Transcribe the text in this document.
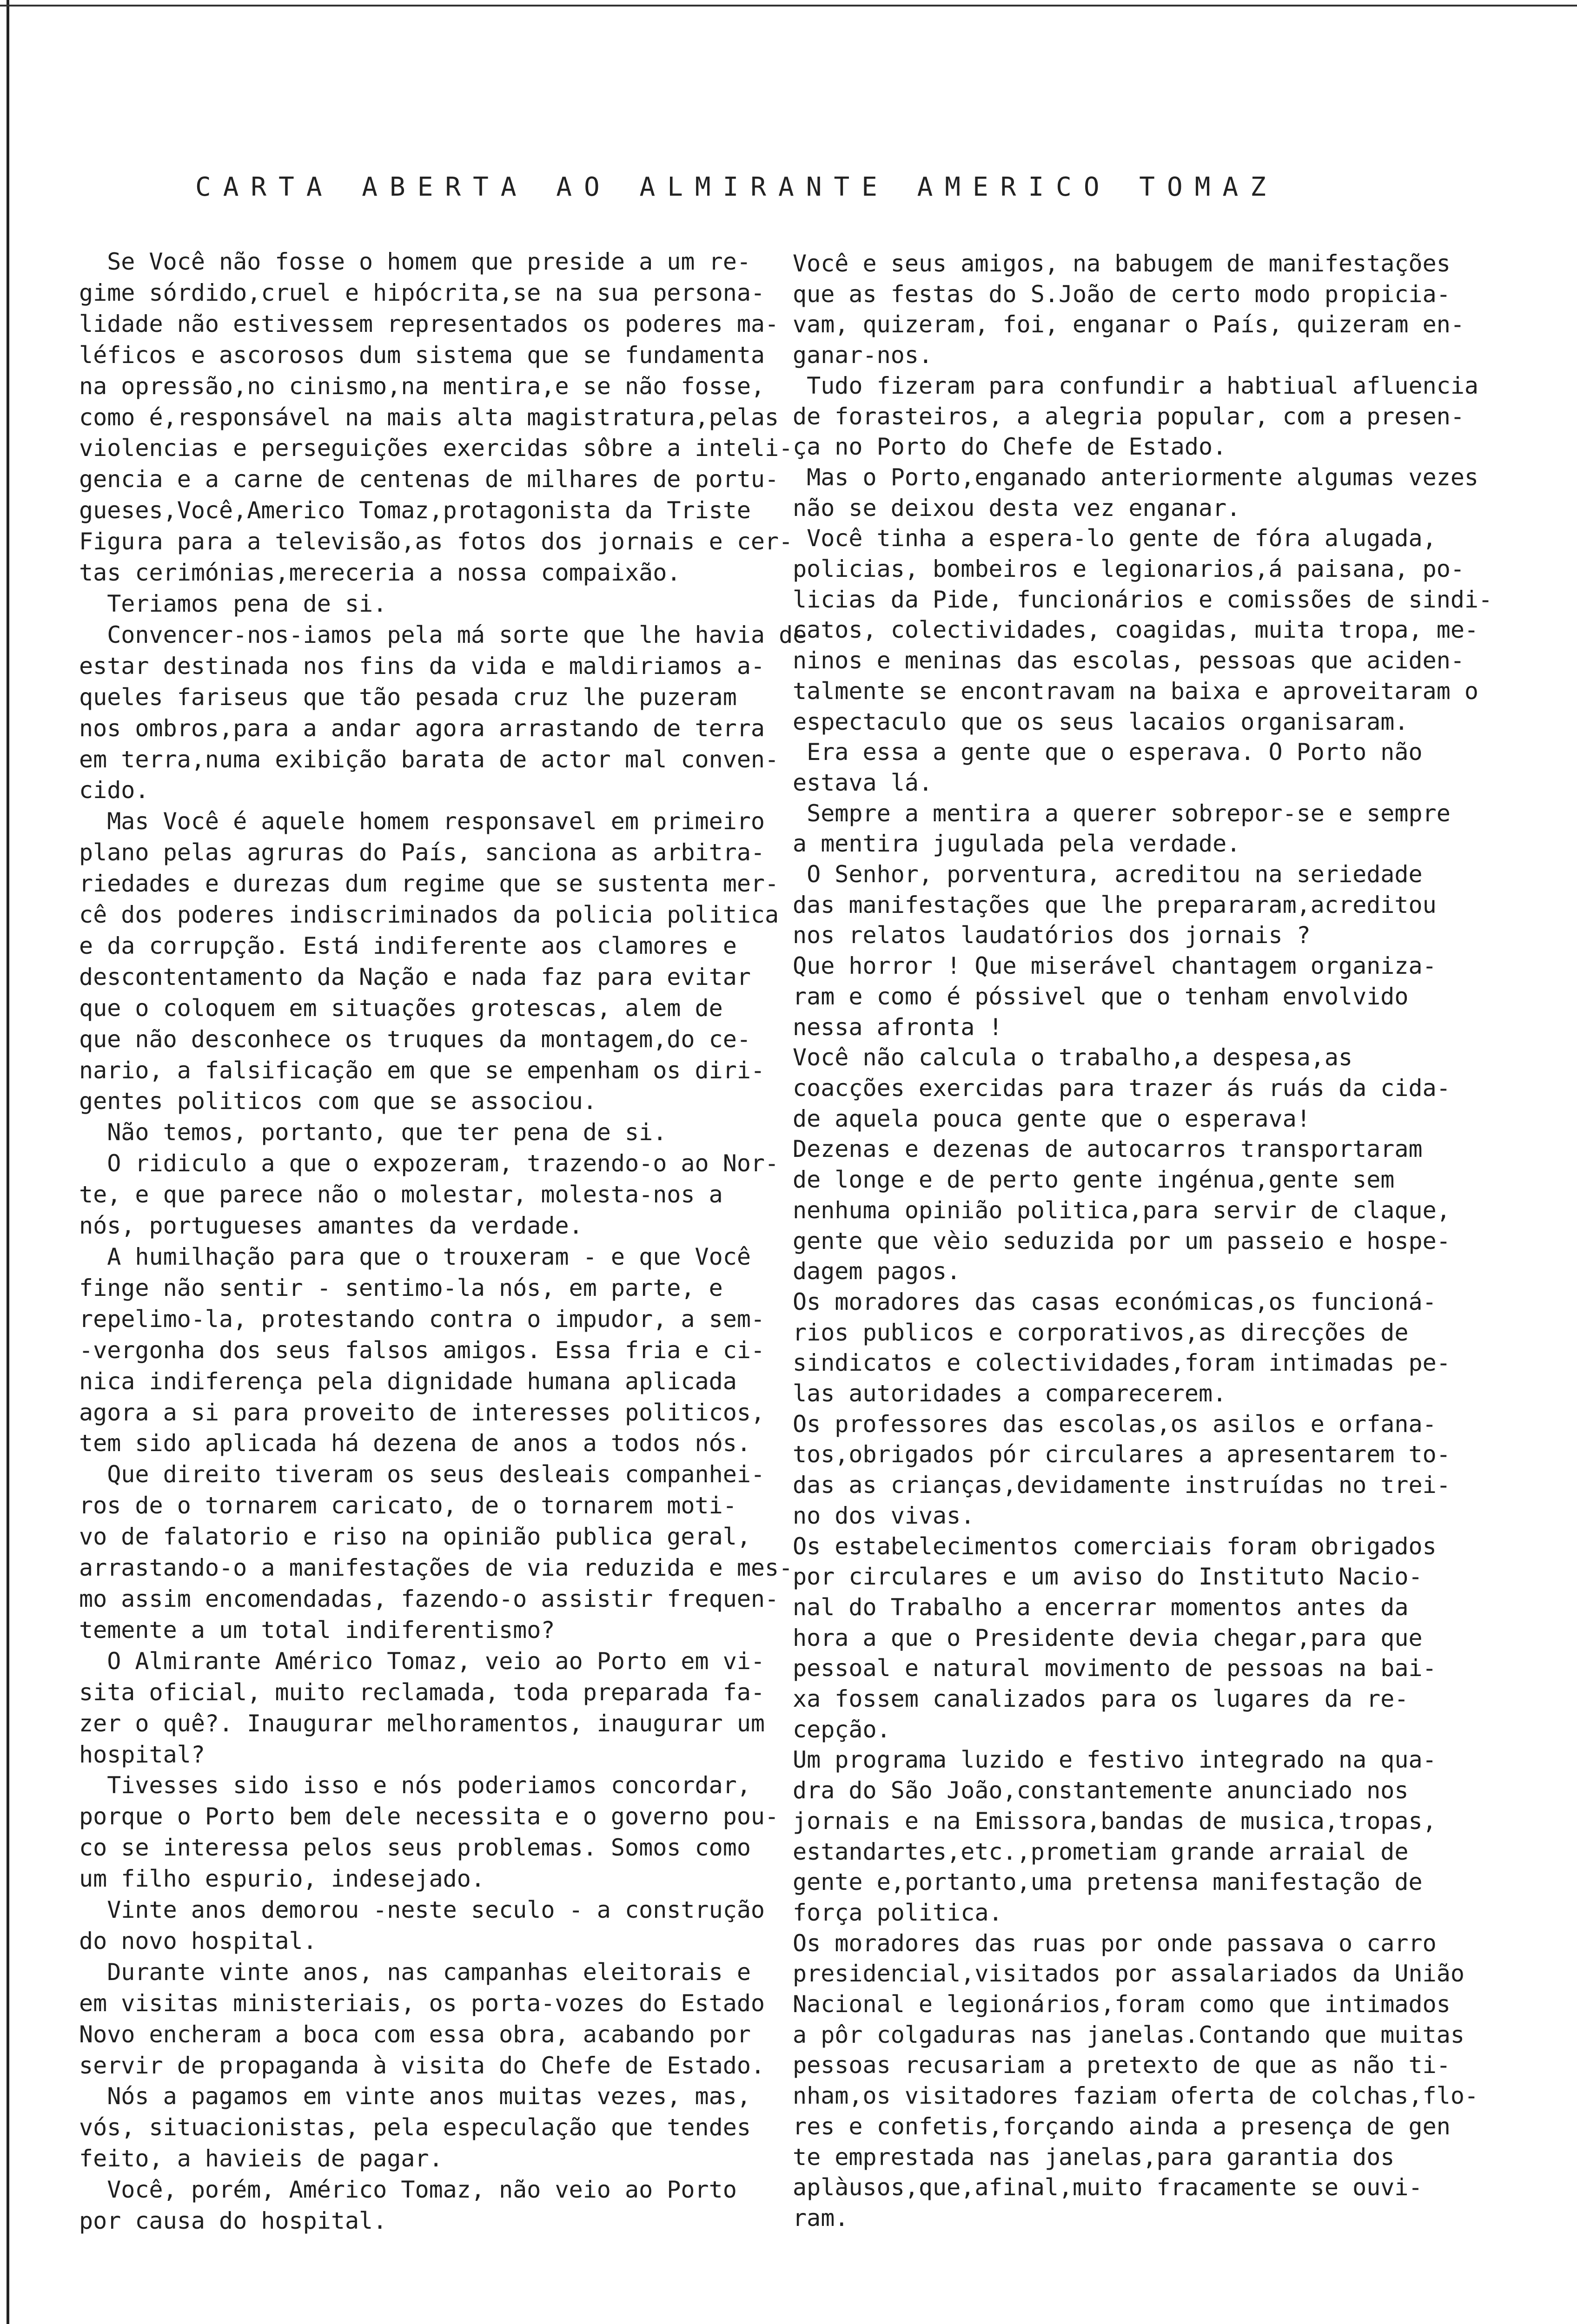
CARTA ABERTA AO ALMIRANTE AMERICO TOMAZ
Se Você não fosse o homem que preside a um re-
gime sórdido,cruel e hipócrita,se na sua persona-
lidade não estivessem representados os poderes ma-
léficos e ascorosos dum sistema que se fundamenta
na opressão,no cinismo,na mentira,e se não fosse,
como é,responsável na mais alta magistratura,pelas
violencias e perseguições exercidas sôbre a inteli-
gencia e a carne de centenas de milhares de portu-
gueses,Você,Americo Tomaz,protagonista da Triste
Figura para a televisão,as fotos dos jornais e cer-
tas cerimónias,mereceria a nossa compaixão.
Teriamos pena de si.
Convencer-nos-iamos pela má sorte que lhe havia de
estar destinada nos fins da vida e maldiriamos a-
queles fariseus que tão pesada cruz lhe puzeram
nos ombros,para a andar agora arrastando de terra
em terra,numa exibição barata de actor mal conven-
cido.
Mas Você é aquele homem responsavel em primeiro
plano pelas agruras do País, sanciona as arbitra-
riedades e durezas dum regime que se sustenta mer-
cê dos poderes indiscriminados da policia politica
e da corrupção. Está indiferente aos clamores e
descontentamento da Nação e nada faz para evitar
que o coloquem em situações grotescas, alem de
que não desconhece os truques da montagem,do ce-
nario, a falsificação em que se empenham os diri-
gentes politicos com que se associou.
Não temos, portanto, que ter pena de si.
O ridiculo a que o expozeram, trazendo-o ao Nor-
te, e que parece não o molestar, molesta-nos a
nós, portugueses amantes da verdade.
A humilhação para que o trouxeram - e que Você
finge não sentir - sentimo-la nós, em parte, e
repelimo-la, protestando contra o impudor, a sem-
-vergonha dos seus falsos amigos. Essa fria e ci-
nica indiferença pela dignidade humana aplicada
agora a si para proveito de interesses politicos,
tem sido aplicada há dezena de anos a todos nós.
Que direito tiveram os seus desleais companhei-
ros de o tornarem caricato, de o tornarem moti-
vo de falatorio e riso na opinião publica geral,
arrastando-o a manifestações de via reduzida e mes-
mo assim encomendadas, fazendo-o assistir frequen-
temente a um total indiferentismo?
O Almirante Américo Tomaz, veio ao Porto em vi-
sita oficial, muito reclamada, toda preparada fa-
zer o quê?. Inaugurar melhoramentos, inaugurar um
hospital?
Tivesses sido isso e nós poderiamos concordar,
porque o Porto bem dele necessita e o governo pou-
co se interessa pelos seus problemas. Somos como
um filho espurio, indesejado.
Vinte anos demorou -neste seculo - a construção
do novo hospital.
Durante vinte anos, nas campanhas eleitorais e
em visitas ministeriais, os porta-vozes do Estado
Novo encheram a boca com essa obra, acabando por
servir de propaganda à visita do Chefe de Estado.
Nós a pagamos em vinte anos muitas vezes, mas,
vós, situacionistas, pela especulação que tendes
feito, a havieis de pagar.
Você, porém, Américo Tomaz, não veio ao Porto
por causa do hospital.
Você e seus amigos, na babugem de manifestações
que as festas do S.João de certo modo propicia-
vam, quizeram, foi, enganar o País, quizeram en-
ganar-nos.
Tudo fizeram para confundir a habtiual afluencia
de forasteiros, a alegria popular, com a presen-
ça no Porto do Chefe de Estado.
Mas o Porto,enganado anteriormente algumas vezes
não se deixou desta vez enganar.
Você tinha a espera-lo gente de fóra alugada,
policias, bombeiros e legionarios,á paisana, po-
licias da Pide, funcionários e comissões de sindi-
catos, colectividades, coagidas, muita tropa, me-
ninos e meninas das escolas, pessoas que aciden-
talmente se encontravam na baixa e aproveitaram o
espectaculo que os seus lacaios organisaram.
Era essa a gente que o esperava. O Porto não
estava lá.
Sempre a mentira a querer sobrepor-se e sempre
a mentira jugulada pela verdade.
O Senhor, porventura, acreditou na seriedade
das manifestações que lhe prepararam,acreditou
nos relatos laudatórios dos jornais ?
Que horror ! Que miserável chantagem organiza-
ram e como é póssivel que o tenham envolvido
nessa afronta !
Você não calcula o trabalho,a despesa,as
coacções exercidas para trazer ás ruás da cida-
de aquela pouca gente que o esperava!
Dezenas e dezenas de autocarros transportaram
de longe e de perto gente ingénua,gente sem
nenhuma opinião politica,para servir de claque,
gente que vèio seduzida por um passeio e hospe-
dagem pagos.
Os moradores das casas económicas,os funcioná-
rios publicos e corporativos,as direcções de
sindicatos e colectividades,foram intimadas pe-
las autoridades a comparecerem.
Os professores das escolas,os asilos e orfana-
tos,obrigados pór circulares a apresentarem to-
das as crianças,devidamente instruídas no trei-
no dos vivas.
Os estabelecimentos comerciais foram obrigados
por circulares e um aviso do Instituto Nacio-
nal do Trabalho a encerrar momentos antes da
hora a que o Presidente devia chegar,para que
pessoal e natural movimento de pessoas na bai-
xa fossem canalizados para os lugares da re-
cepção.
Um programa luzido e festivo integrado na qua-
dra do São João,constantemente anunciado nos
jornais e na Emissora,bandas de musica,tropas,
estandartes,etc.,prometiam grande arraial de
gente e,portanto,uma pretensa manifestação de
força politica.
Os moradores das ruas por onde passava o carro
presidencial,visitados por assalariados da União
Nacional e legionários,foram como que intimados
a pôr colgaduras nas janelas.Contando que muitas
pessoas recusariam a pretexto de que as não ti-
nham,os visitadores faziam oferta de colchas,flo-
res e confetis,forçando ainda a presença de gen
te emprestada nas janelas,para garantia dos
aplàusos,que,afinal,muito fracamente se ouvi-
ram.
